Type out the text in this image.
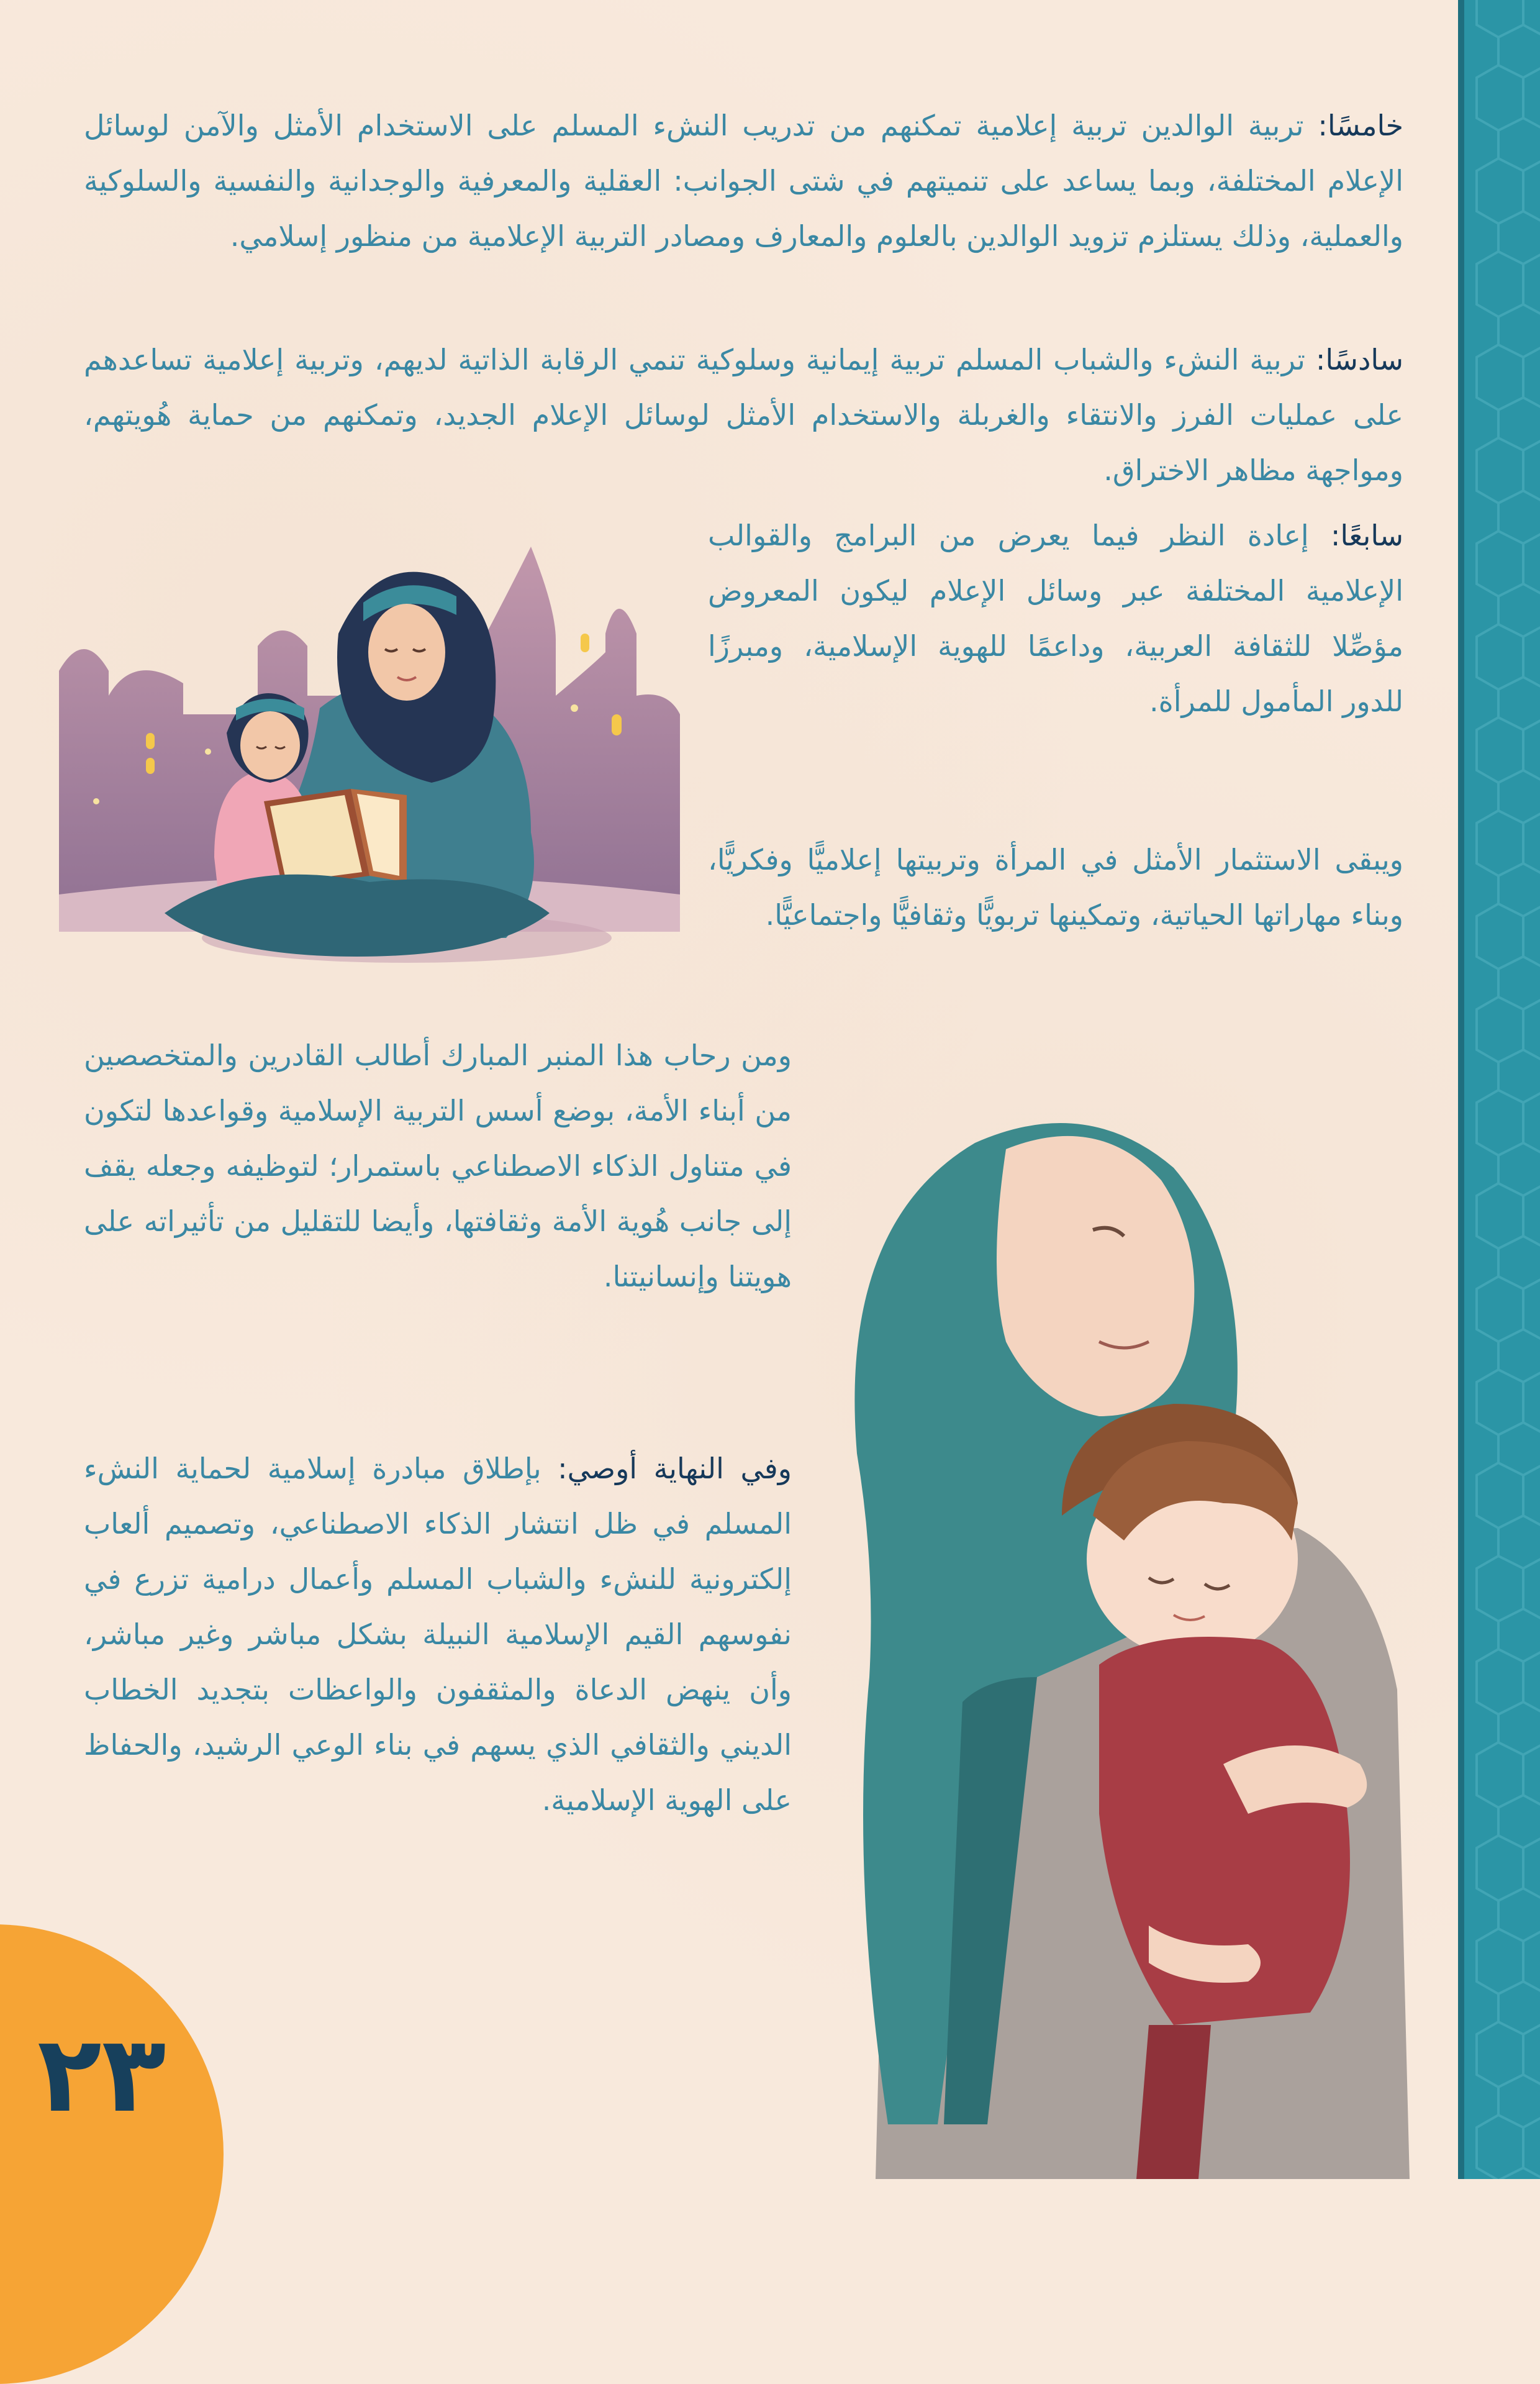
خامسًا: تربية الوالدين تربية إعلامية تمكنهم من تدريب النشء المسلم على الاستخدام الأمثل والآمن لوسائل الإعلام المختلفة، وبما يساعد على تنميتهم في شتى الجوانب: العقلية والمعرفية والوجدانية والنفسية والسلوكية والعملية، وذلك يستلزم تزويد الوالدين بالعلوم والمعارف ومصادر التربية الإعلامية من منظور إسلامي.

سادسًا: تربية النشء والشباب المسلم تربية إيمانية وسلوكية تنمي الرقابة الذاتية لديهم، وتربية إعلامية تساعدهم على عمليات الفرز والانتقاء والغربلة والاستخدام الأمثل لوسائل الإعلام الجديد، وتمكنهم من حماية هُويتهم، ومواجهة مظاهر الاختراق.

سابعًا: إعادة النظر فيما يعرض من البرامج والقوالب الإعلامية المختلفة عبر وسائل الإعلام ليكون المعروض مؤصِّلا للثقافة العربية، وداعمًا للهوية الإسلامية، ومبرزًا للدور المأمول للمرأة.

ويبقى الاستثمار الأمثل في المرأة وتربيتها إعلاميًّا وفكريًّا، وبناء مهاراتها الحياتية، وتمكينها تربويًّا وثقافيًّا واجتماعيًّا.

ومن رحاب هذا المنبر المبارك أطالب القادرين والمتخصصين من أبناء الأمة، بوضع أسس التربية الإسلامية وقواعدها لتكون في متناول الذكاء الاصطناعي باستمرار؛ لتوظيفه وجعله يقف إلى جانب هُوية الأمة وثقافتها، وأيضا للتقليل من تأثيراته على هويتنا وإنسانيتنا.

وفي النهاية أوصي: بإطلاق مبادرة إسلامية لحماية النشء المسلم في ظل انتشار الذكاء الاصطناعي، وتصميم ألعاب إلكترونية للنشء والشباب المسلم وأعمال درامية تزرع في نفوسهم القيم الإسلامية النبيلة بشكل مباشر وغير مباشر، وأن ينهض الدعاة والمثقفون والواعظات بتجديد الخطاب الديني والثقافي الذي يسهم في بناء الوعي الرشيد، والحفاظ على الهوية الإسلامية.

٢٣
